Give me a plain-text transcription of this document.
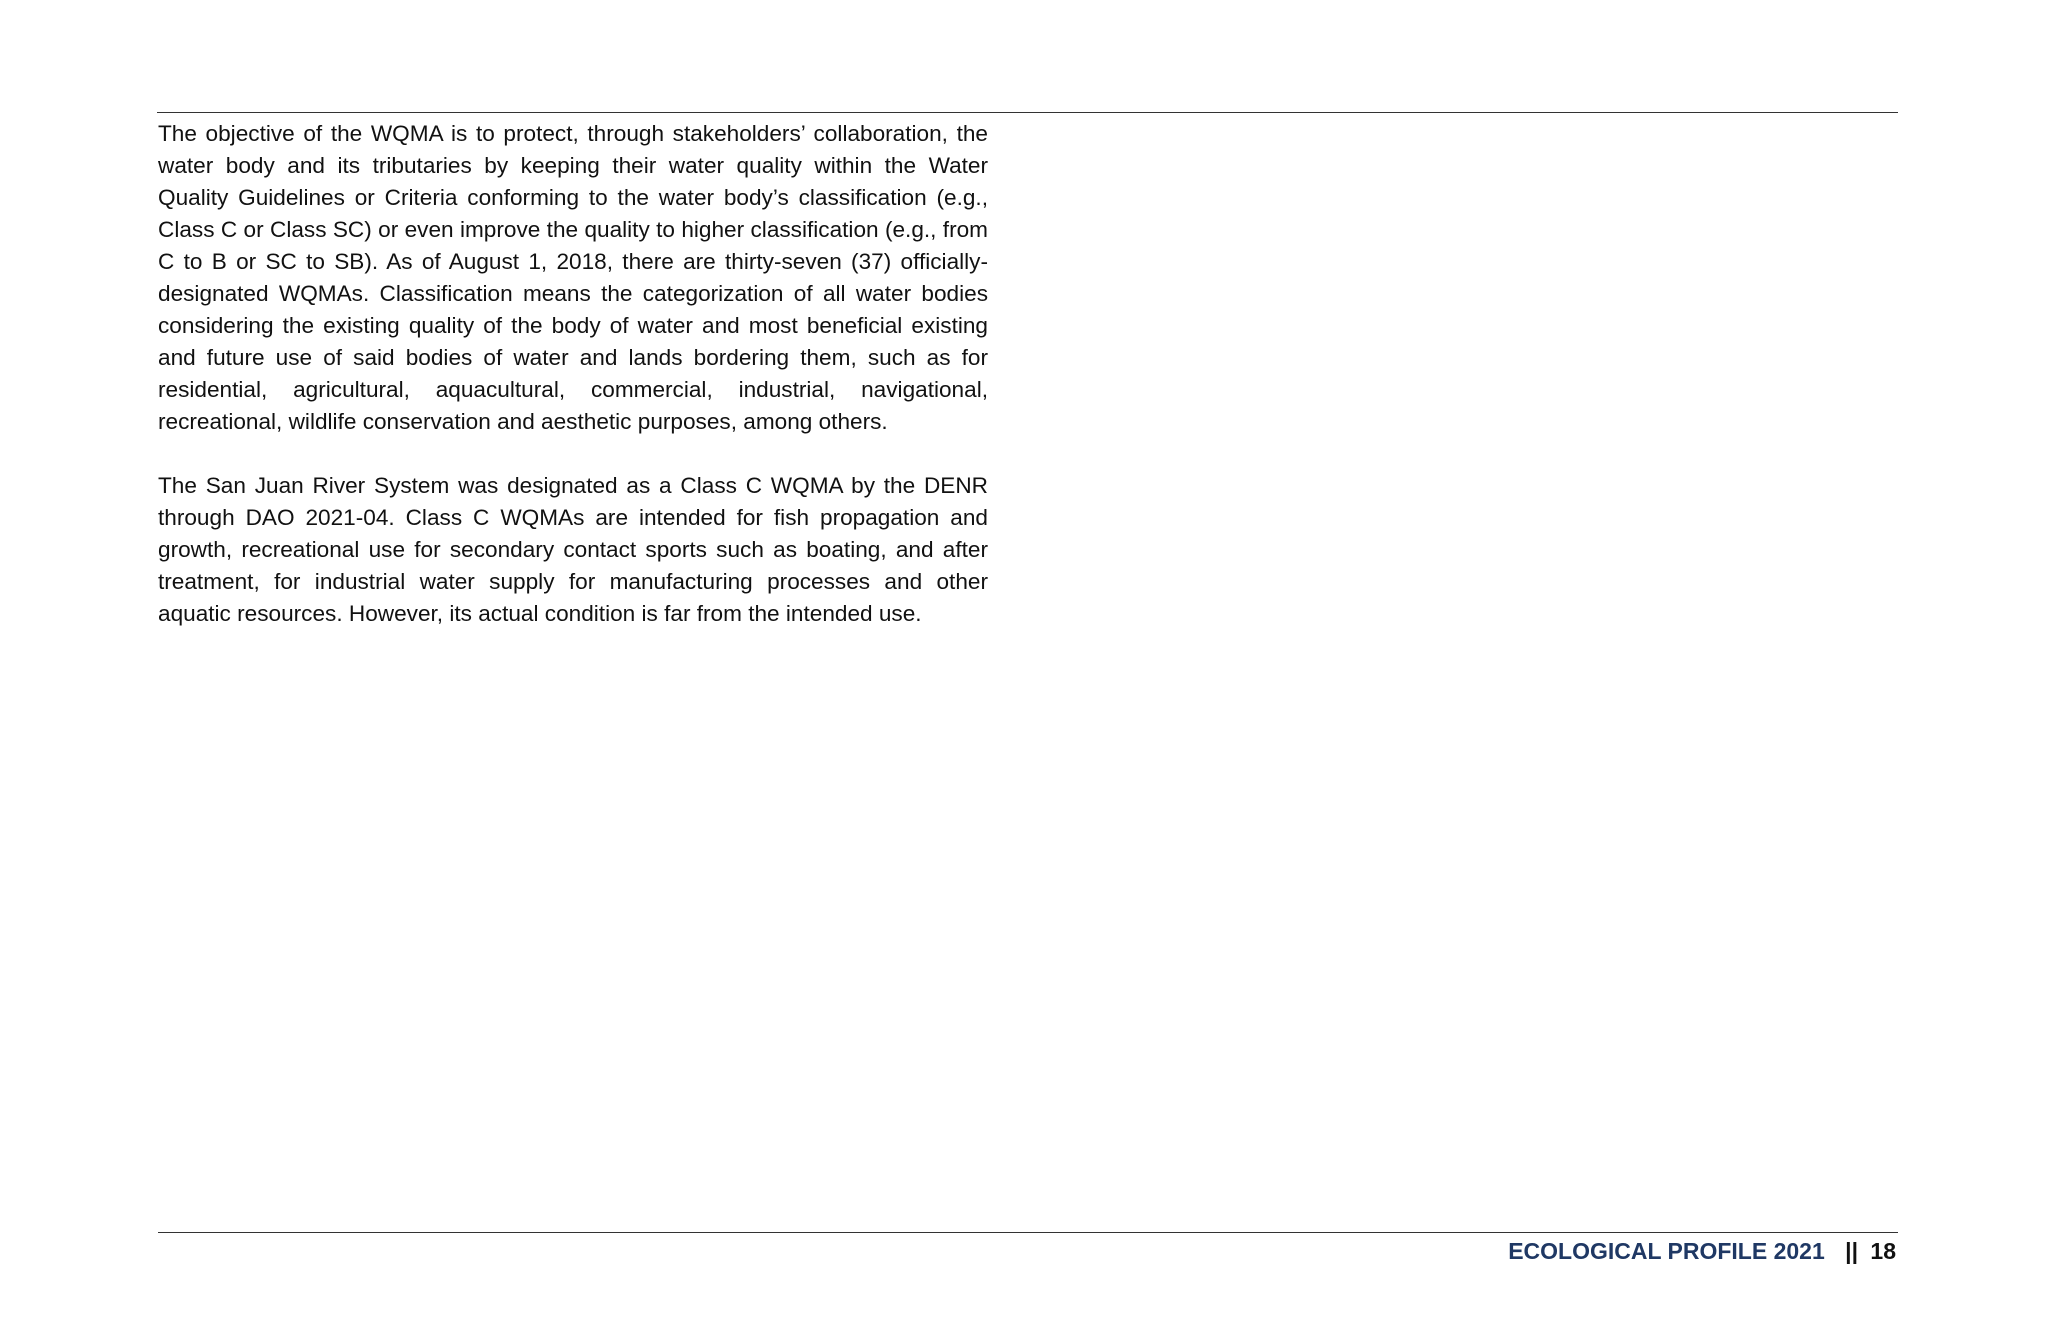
The objective of the WQMA is to protect, through stakeholders’ collaboration, the water body and its tributaries by keeping their water quality within the Water Quality Guidelines or Criteria conforming to the water body’s classification (e.g., Class C or Class SC) or even improve the quality to higher classification (e.g., from C to B or SC to SB). As of August 1, 2018, there are thirty-seven (37) officially- designated WQMAs. Classification means the categorization of all water bodies considering the existing quality of the body of water and most beneficial existing and future use of said bodies of water and lands bordering them, such as for residential, agricultural, aquacultural, commercial, industrial, navigational, recreational, wildlife conservation and aesthetic purposes, among others.

The San Juan River System was designated as a Class C WQMA by the DENR through DAO 2021-04. Class C WQMAs are intended for fish propagation and growth, recreational use for secondary contact sports such as boating, and after treatment, for industrial water supply for manufacturing processes and other aquatic resources. However, its actual condition is far from the intended use.

ECOLOGICAL PROFILE 2021 || 18
